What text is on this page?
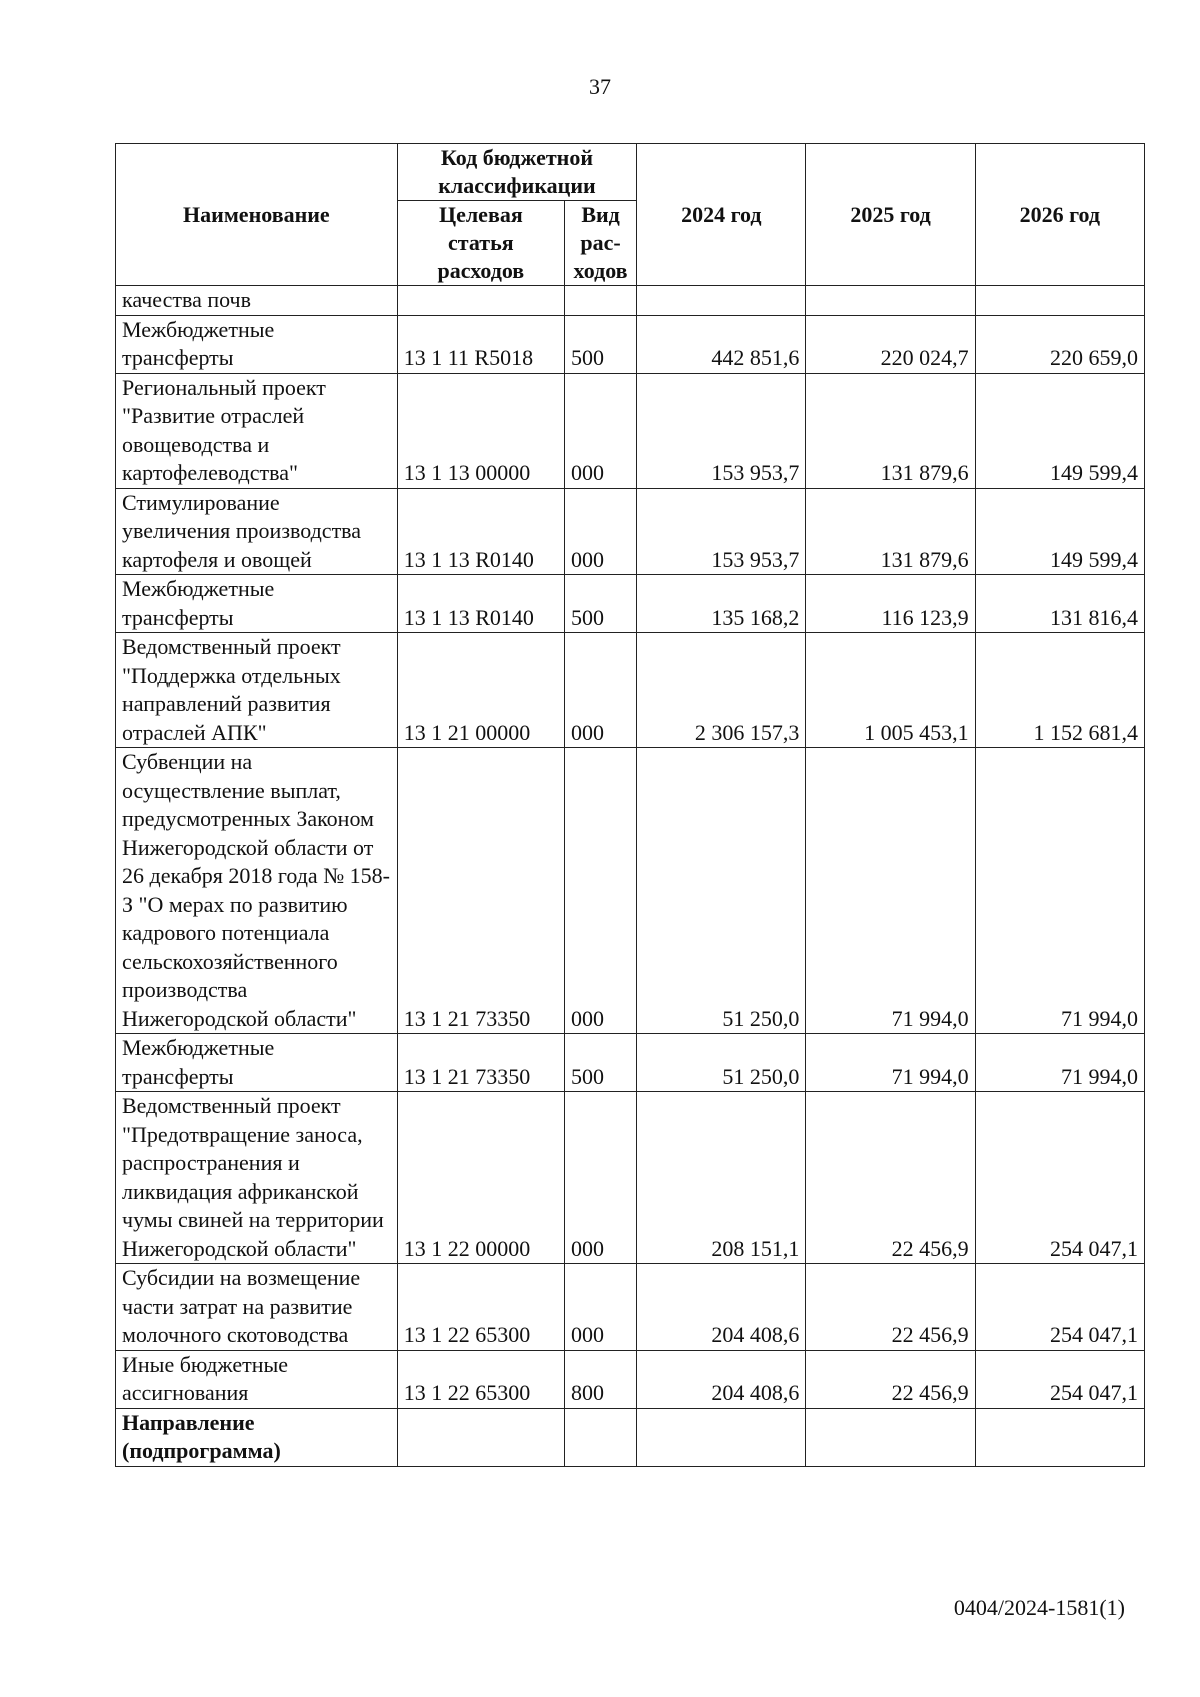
37
Наименование	Код бюджетной классификации		2024 год	2025 год	2026 год
	Целевая статья расходов	Вид рас-ходов			
качества почв					
Межбюджетные трансферты	13 1 11 R5018	500	442 851,6	220 024,7	220 659,0
Региональный проект "Развитие отраслей овощеводства и картофелеводства"	13 1 13 00000	000	153 953,7	131 879,6	149 599,4
Стимулирование увеличения производства картофеля и овощей	13 1 13 R0140	000	153 953,7	131 879,6	149 599,4
Межбюджетные трансферты	13 1 13 R0140	500	135 168,2	116 123,9	131 816,4
Ведомственный проект "Поддержка отдельных направлений развития отраслей АПК"	13 1 21 00000	000	2 306 157,3	1 005 453,1	1 152 681,4
Субвенции на осуществление выплат, предусмотренных Законом Нижегородской области от 26 декабря 2018 года № 158-З "О мерах по развитию кадрового потенциала сельскохозяйственного производства Нижегородской области"	13 1 21 73350	000	51 250,0	71 994,0	71 994,0
Межбюджетные трансферты	13 1 21 73350	500	51 250,0	71 994,0	71 994,0
Ведомственный проект "Предотвращение заноса, распространения и ликвидация африканской чумы свиней на территории Нижегородской области"	13 1 22 00000	000	208 151,1	22 456,9	254 047,1
Субсидии на возмещение части затрат на развитие молочного скотоводства	13 1 22 65300	000	204 408,6	22 456,9	254 047,1
Иные бюджетные ассигнования	13 1 22 65300	800	204 408,6	22 456,9	254 047,1
Направление (подпрограмма)					
0404/2024-1581(1)
